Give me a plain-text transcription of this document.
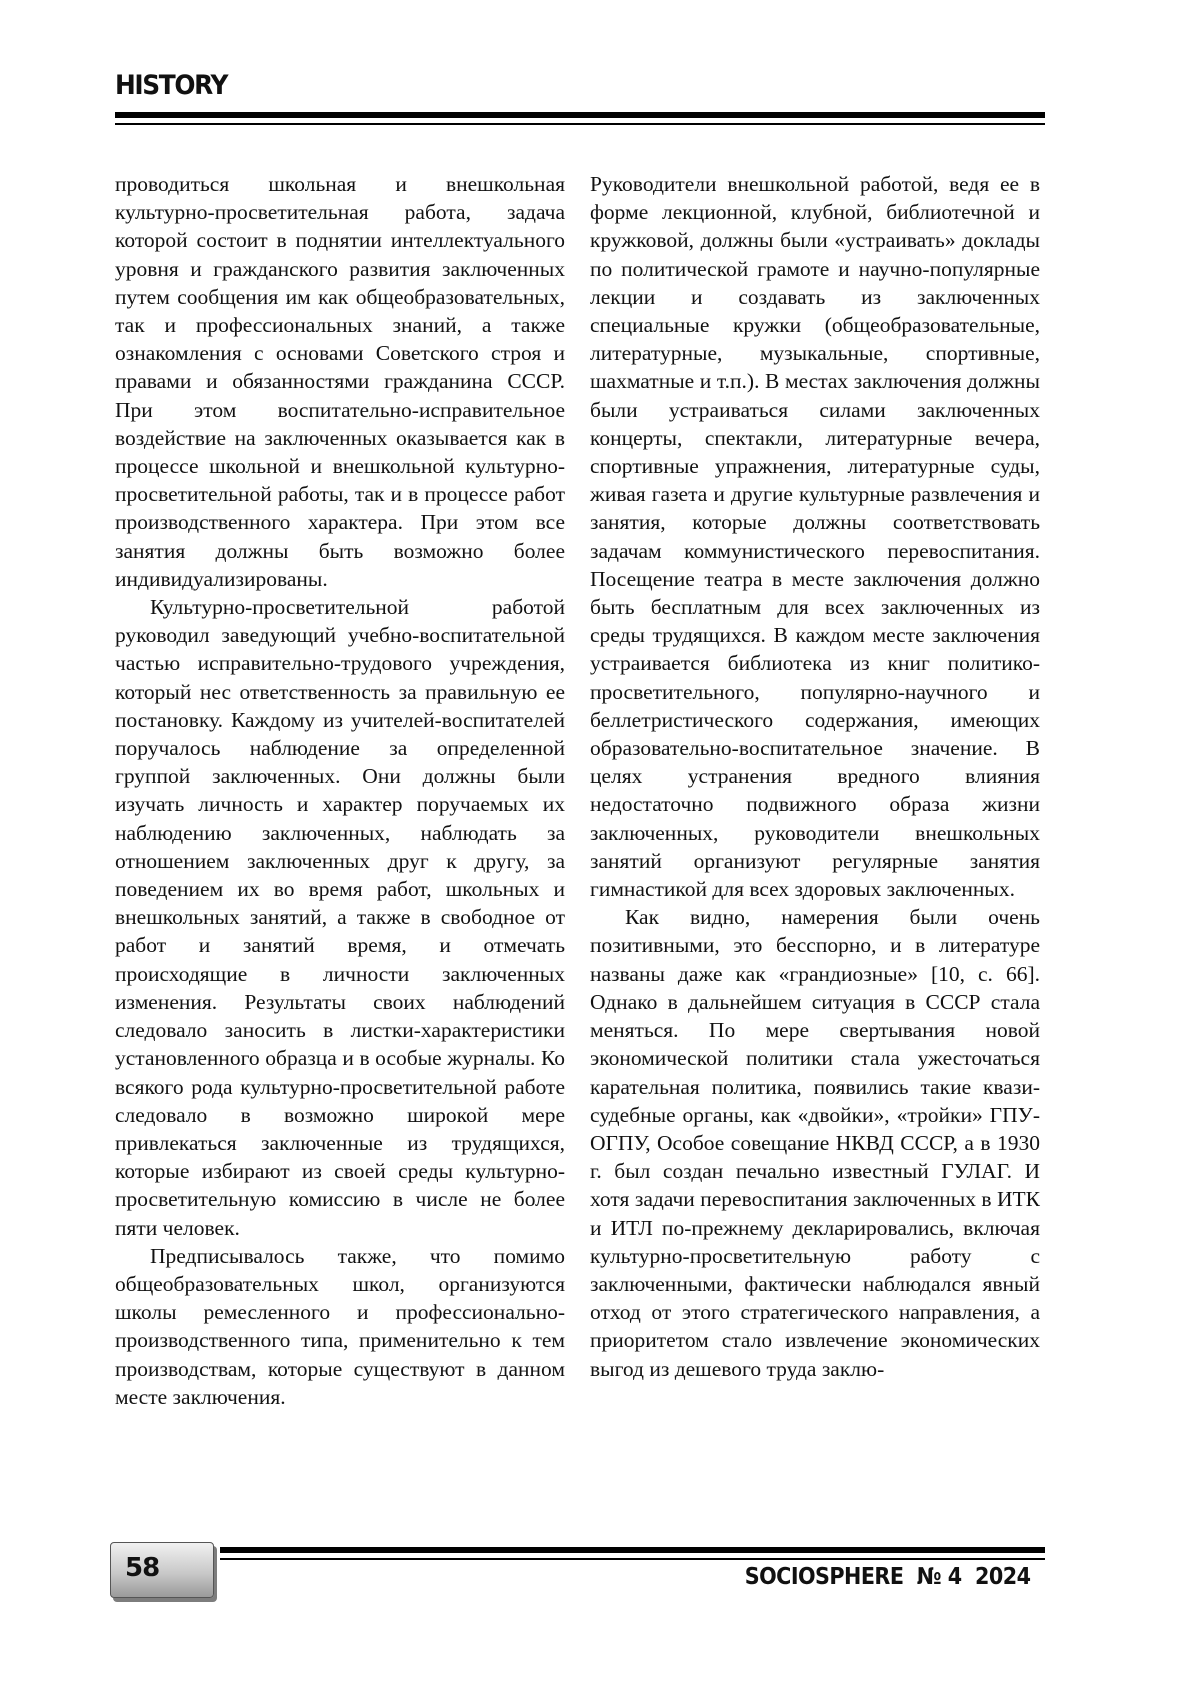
HISTORY

проводиться школьная и внешкольная культурно-просветительная работа, задача которой состоит в поднятии интеллектуального уровня и гражданского развития заключенных путем сообщения им как общеобразовательных, так и профессиональных знаний, а также ознакомления с основами Советского строя и правами и обязанностями гражданина СССР. При этом воспитательно-исправительное воздействие на заключенных оказывается как в процессе школьной и внешкольной культурно-просветительной работы, так и в процессе работ производственного характера. При этом все занятия должны быть возможно более индивидуализированы.

Культурно-просветительной работой руководил заведующий учебно-воспитательной частью исправительно-трудового учреждения, который нес ответственность за правильную ее постановку. Каждому из учителей-воспитателей поручалось наблюдение за определенной группой заключенных. Они должны были изучать личность и характер поручаемых их наблюдению заключенных, наблюдать за отношением заключенных друг к другу, за поведением их во время работ, школьных и внешкольных занятий, а также в свободное от работ и занятий время, и отмечать происходящие в личности заключенных изменения. Результаты своих наблюдений следовало заносить в листки-характеристики установленного образца и в особые журналы. Ко всякого рода культурно-просветительной работе следовало в возможно широкой мере привлекаться заключенные из трудящихся, которые избирают из своей среды культурно-просветительную комиссию в числе не более пяти человек.

Предписывалось также, что помимо общеобразовательных школ, организуются школы ремесленного и профессионально-производственного типа, применительно к тем производствам, которые существуют в данном месте заключения.

Руководители внешкольной работой, ведя ее в форме лекционной, клубной, библиотечной и кружковой, должны были «устраивать» доклады по политической грамоте и научно-популярные лекции и создавать из заключенных специальные кружки (общеобразовательные, литературные, музыкальные, спортивные, шахматные и т.п.). В местах заключения должны были устраиваться силами заключенных концерты, спектакли, литературные вечера, спортивные упражнения, литературные суды, живая газета и другие культурные развлечения и занятия, которые должны соответствовать задачам коммунистического перевоспитания. Посещение театра в месте заключения должно быть бесплатным для всех заключенных из среды трудящихся. В каждом месте заключения устраивается библиотека из книг политико-просветительного, популярно-научного и беллетристического содержания, имеющих образовательно-воспитательное значение. В целях устранения вредного влияния недостаточно подвижного образа жизни заключенных, руководители внешкольных занятий организуют регулярные занятия гимнастикой для всех здоровых заключенных.

Как видно, намерения были очень позитивными, это бесспорно, и в литературе названы даже как «грандиозные» [10, с. 66]. Однако в дальнейшем ситуация в СССР стала меняться. По мере свертывания новой экономической политики стала ужесточаться карательная политика, появились такие квази-судебные органы, как «двойки», «тройки» ГПУ-ОГПУ, Особое совещание НКВД СССР, а в 1930 г. был создан печально известный ГУЛАГ. И хотя задачи перевоспитания заключенных в ИТК и ИТЛ по-прежнему декларировались, включая культурно-просветительную работу с заключенными, фактически наблюдался явный отход от этого стратегического направления, а приоритетом стало извлечение экономических выгод из дешевого труда заклю-

58	SOCIOSPHERE  № 4  2024
